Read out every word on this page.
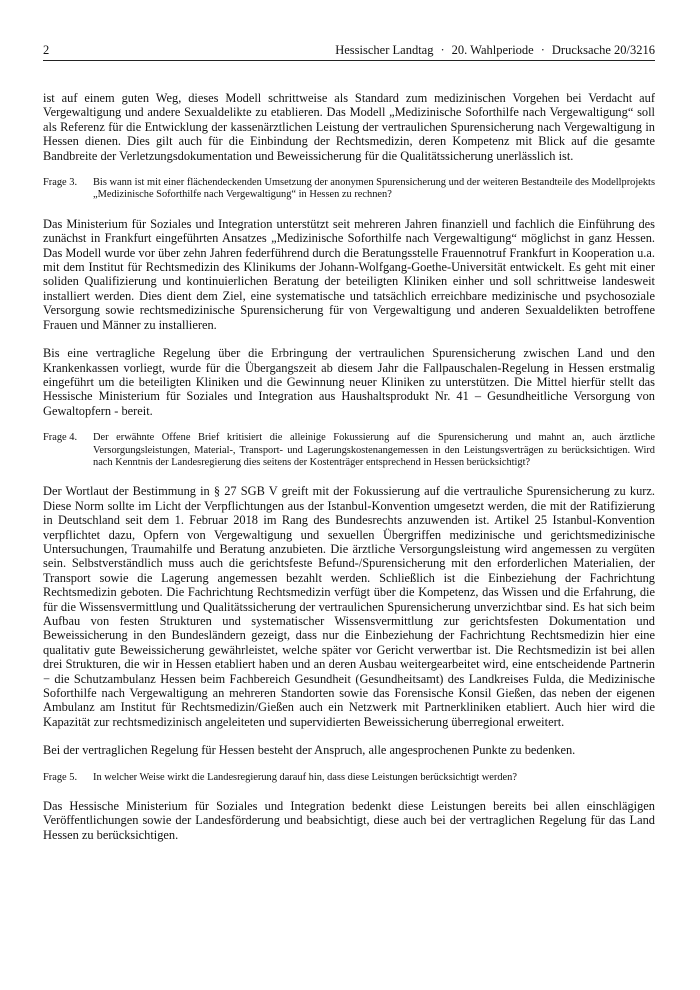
2	Hessischer Landtag · 20. Wahlperiode · Drucksache 20/3216

ist auf einem guten Weg, dieses Modell schrittweise als Standard zum medizinischen Vorgehen bei Verdacht auf Vergewaltigung und andere Sexualdelikte zu etablieren. Das Modell „Medizinische Soforthilfe nach Vergewaltigung“ soll als Referenz für die Entwicklung der kassenärztlichen Leistung der vertraulichen Spurensicherung nach Vergewaltigung in Hessen dienen. Dies gilt auch für die Einbindung der Rechtsmedizin, deren Kompetenz mit Blick auf die gesamte Bandbreite der Verletzungsdokumentation und Beweissicherung für die Qualitätssicherung unerlässlich ist.

Frage 3.	Bis wann ist mit einer flächendeckenden Umsetzung der anonymen Spurensicherung und der weiteren Bestandteile des Modellprojekts „Medizinische Soforthilfe nach Vergewaltigung“ in Hessen zu rechnen?

Das Ministerium für Soziales und Integration unterstützt seit mehreren Jahren finanziell und fachlich die Einführung des zunächst in Frankfurt eingeführten Ansatzes „Medizinische Soforthilfe nach Vergewaltigung“ möglichst in ganz Hessen. Das Modell wurde vor über zehn Jahren federführend durch die Beratungsstelle Frauennotruf Frankfurt in Kooperation u.a. mit dem Institut für Rechtsmedizin des Klinikums der Johann-Wolfgang-Goethe-Universität entwickelt. Es geht mit einer soliden Qualifizierung und kontinuierlichen Beratung der beteiligten Kliniken einher und soll schrittweise landesweit installiert werden. Dies dient dem Ziel, eine systematische und tatsächlich erreichbare medizinische und psychosoziale Versorgung sowie rechtsmedizinische Spurensicherung für von Vergewaltigung und anderen Sexualdelikten betroffene Frauen und Männer zu installieren.

Bis eine vertragliche Regelung über die Erbringung der vertraulichen Spurensicherung zwischen Land und den Krankenkassen vorliegt, wurde für die Übergangszeit ab diesem Jahr die Fallpauschalen-Regelung in Hessen erstmalig eingeführt um die beteiligten Kliniken und die Gewinnung neuer Kliniken zu unterstützen. Die Mittel hierfür stellt das Hessische Ministerium für Soziales und Integration aus Haushaltsprodukt Nr. 41 – Gesundheitliche Versorgung von Gewaltopfern - bereit.

Frage 4.	Der erwähnte Offene Brief kritisiert die alleinige Fokussierung auf die Spurensicherung und mahnt an, auch ärztliche Versorgungsleistungen, Material-, Transport- und Lagerungskostenangemessen in den Leistungsverträgen zu berücksichtigen. Wird nach Kenntnis der Landesregierung dies seitens der Kostenträger entsprechend in Hessen berücksichtigt?

Der Wortlaut der Bestimmung in § 27 SGB V greift mit der Fokussierung auf die vertrauliche Spurensicherung zu kurz. Diese Norm sollte im Licht der Verpflichtungen aus der Istanbul-Konvention umgesetzt werden, die mit der Ratifizierung in Deutschland seit dem 1. Februar 2018 im Rang des Bundesrechts anzuwenden ist. Artikel 25 Istanbul-Konvention verpflichtet dazu, Opfern von Vergewaltigung und sexuellen Übergriffen medizinische und gerichtsmedizinische Untersuchungen, Traumahilfe und Beratung anzubieten. Die ärztliche Versorgungsleistung wird angemessen zu vergüten sein. Selbstverständlich muss auch die gerichtsfeste Befund-/Spurensicherung mit den erforderlichen Materialien, der Transport sowie die Lagerung angemessen bezahlt werden. Schließlich ist die Einbeziehung der Fachrichtung Rechtsmedizin geboten. Die Fachrichtung Rechtsmedizin verfügt über die Kompetenz, das Wissen und die Erfahrung, die für die Wissensvermittlung und Qualitätssicherung der vertraulichen Spurensicherung unverzichtbar sind. Es hat sich beim Aufbau von festen Strukturen und systematischer Wissensvermittlung zur gerichtsfesten Dokumentation und Beweissicherung in den Bundesländern gezeigt, dass nur die Einbeziehung der Fachrichtung Rechtsmedizin hier eine qualitativ gute Beweissicherung gewährleistet, welche später vor Gericht verwertbar ist. Die Rechtsmedizin ist bei allen drei Strukturen, die wir in Hessen etabliert haben und an deren Ausbau weitergearbeitet wird, eine entscheidende Partnerin − die Schutzambulanz Hessen beim Fachbereich Gesundheit (Gesundheitsamt) des Landkreises Fulda, die Medizinische Soforthilfe nach Vergewaltigung an mehreren Standorten sowie das Forensische Konsil Gießen, das neben der eigenen Ambulanz am Institut für Rechtsmedizin/Gießen auch ein Netzwerk mit Partnerkliniken etabliert. Auch hier wird die Kapazität zur rechtsmedizinisch angeleiteten und supervidierten Beweissicherung überregional erweitert.

Bei der vertraglichen Regelung für Hessen besteht der Anspruch, alle angesprochenen Punkte zu bedenken.

Frage 5.	In welcher Weise wirkt die Landesregierung darauf hin, dass diese Leistungen berücksichtigt werden?

Das Hessische Ministerium für Soziales und Integration bedenkt diese Leistungen bereits bei allen einschlägigen Veröffentlichungen sowie der Landesförderung und beabsichtigt, diese auch bei der vertraglichen Regelung für das Land Hessen zu berücksichtigen.
